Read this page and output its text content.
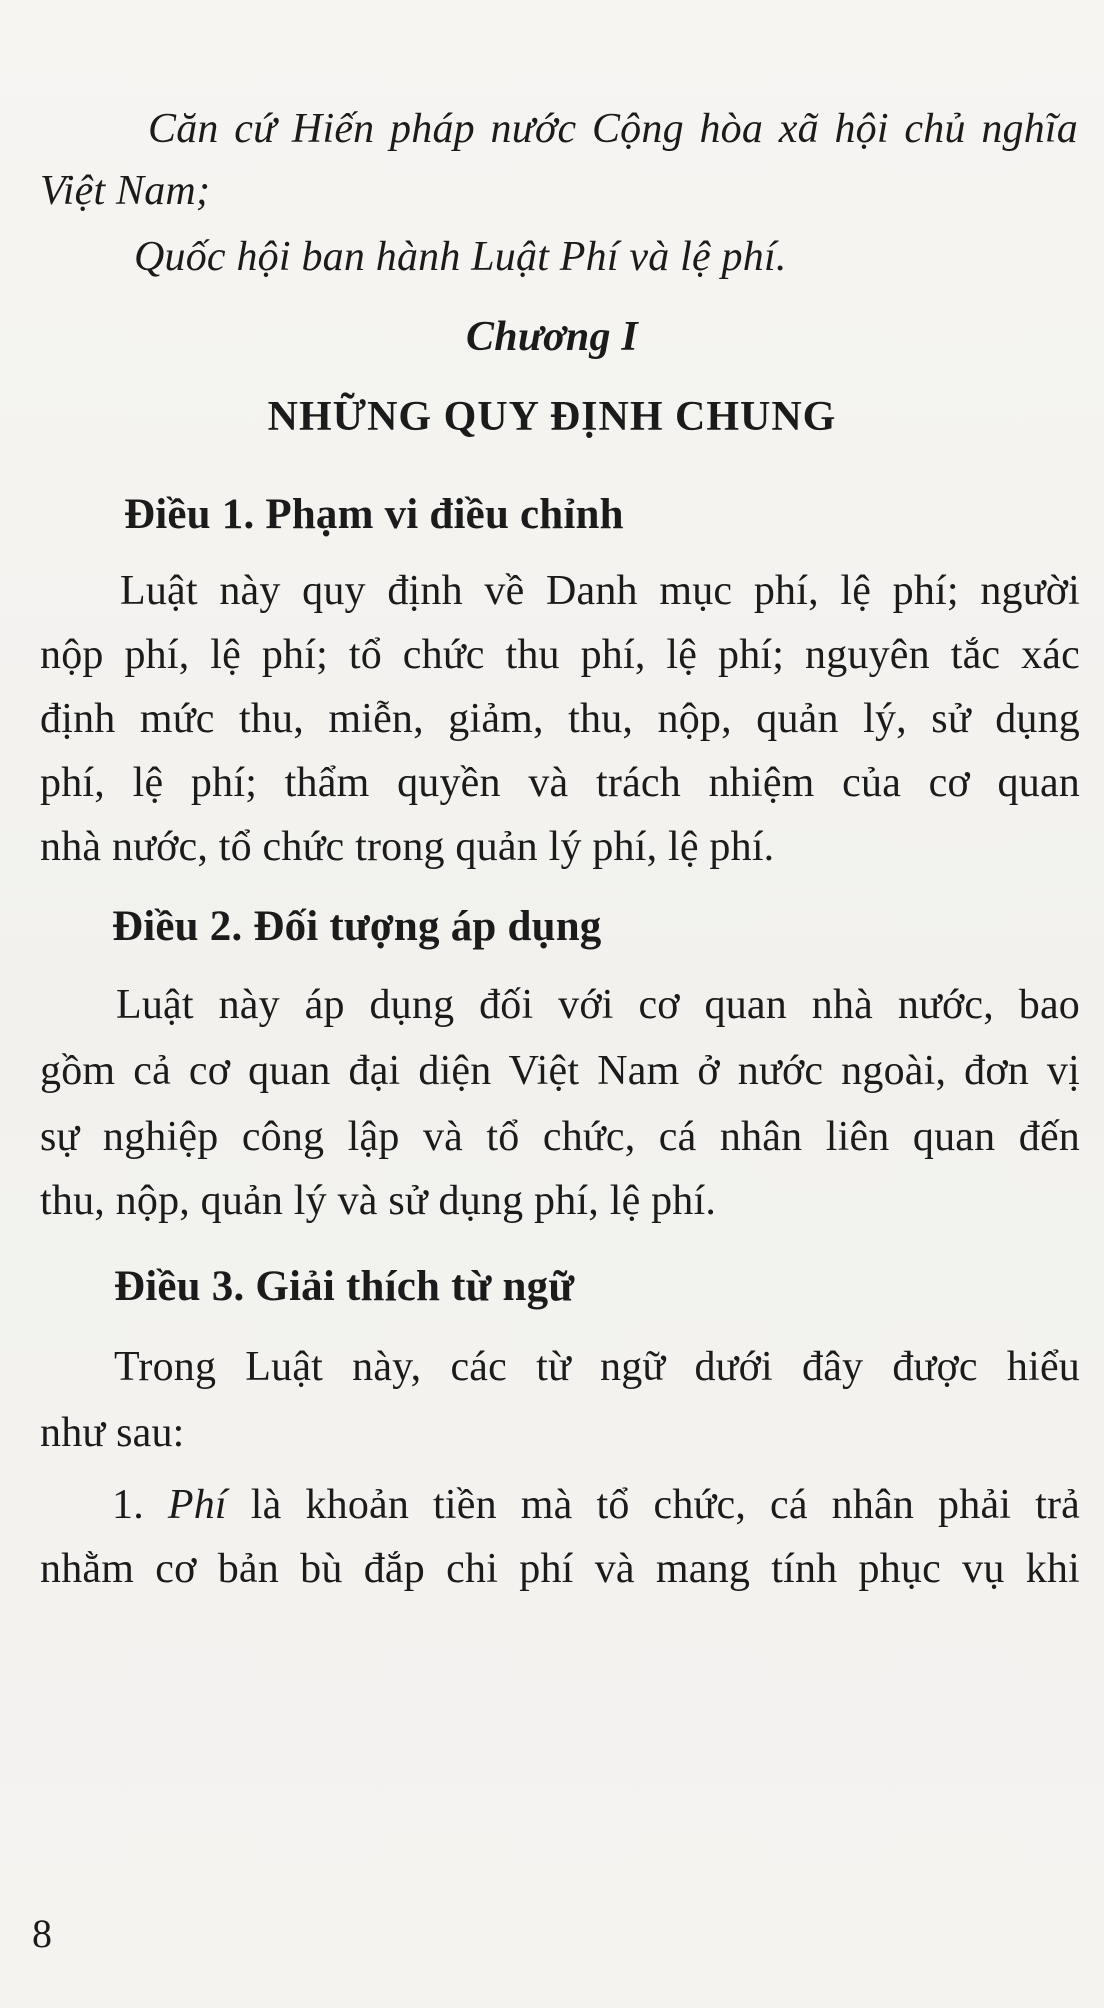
Căn cứ Hiến pháp nước Cộng hòa xã hội chủ nghĩa
Việt Nam;
Quốc hội ban hành Luật Phí và lệ phí.
Chương I
NHỮNG QUY ĐỊNH CHUNG
Điều 1. Phạm vi điều chỉnh
Luật này quy định về Danh mục phí, lệ phí; người
nộp phí, lệ phí; tổ chức thu phí, lệ phí; nguyên tắc xác
định mức thu, miễn, giảm, thu, nộp, quản lý, sử dụng
phí, lệ phí; thẩm quyền và trách nhiệm của cơ quan
nhà nước, tổ chức trong quản lý phí, lệ phí.
Điều 2. Đối tượng áp dụng
Luật này áp dụng đối với cơ quan nhà nước, bao
gồm cả cơ quan đại diện Việt Nam ở nước ngoài, đơn vị
sự nghiệp công lập và tổ chức, cá nhân liên quan đến
thu, nộp, quản lý và sử dụng phí, lệ phí.
Điều 3. Giải thích từ ngữ
Trong Luật này, các từ ngữ dưới đây được hiểu
như sau:
1. Phí là khoản tiền mà tổ chức, cá nhân phải trả
nhằm cơ bản bù đắp chi phí và mang tính phục vụ khi
8
